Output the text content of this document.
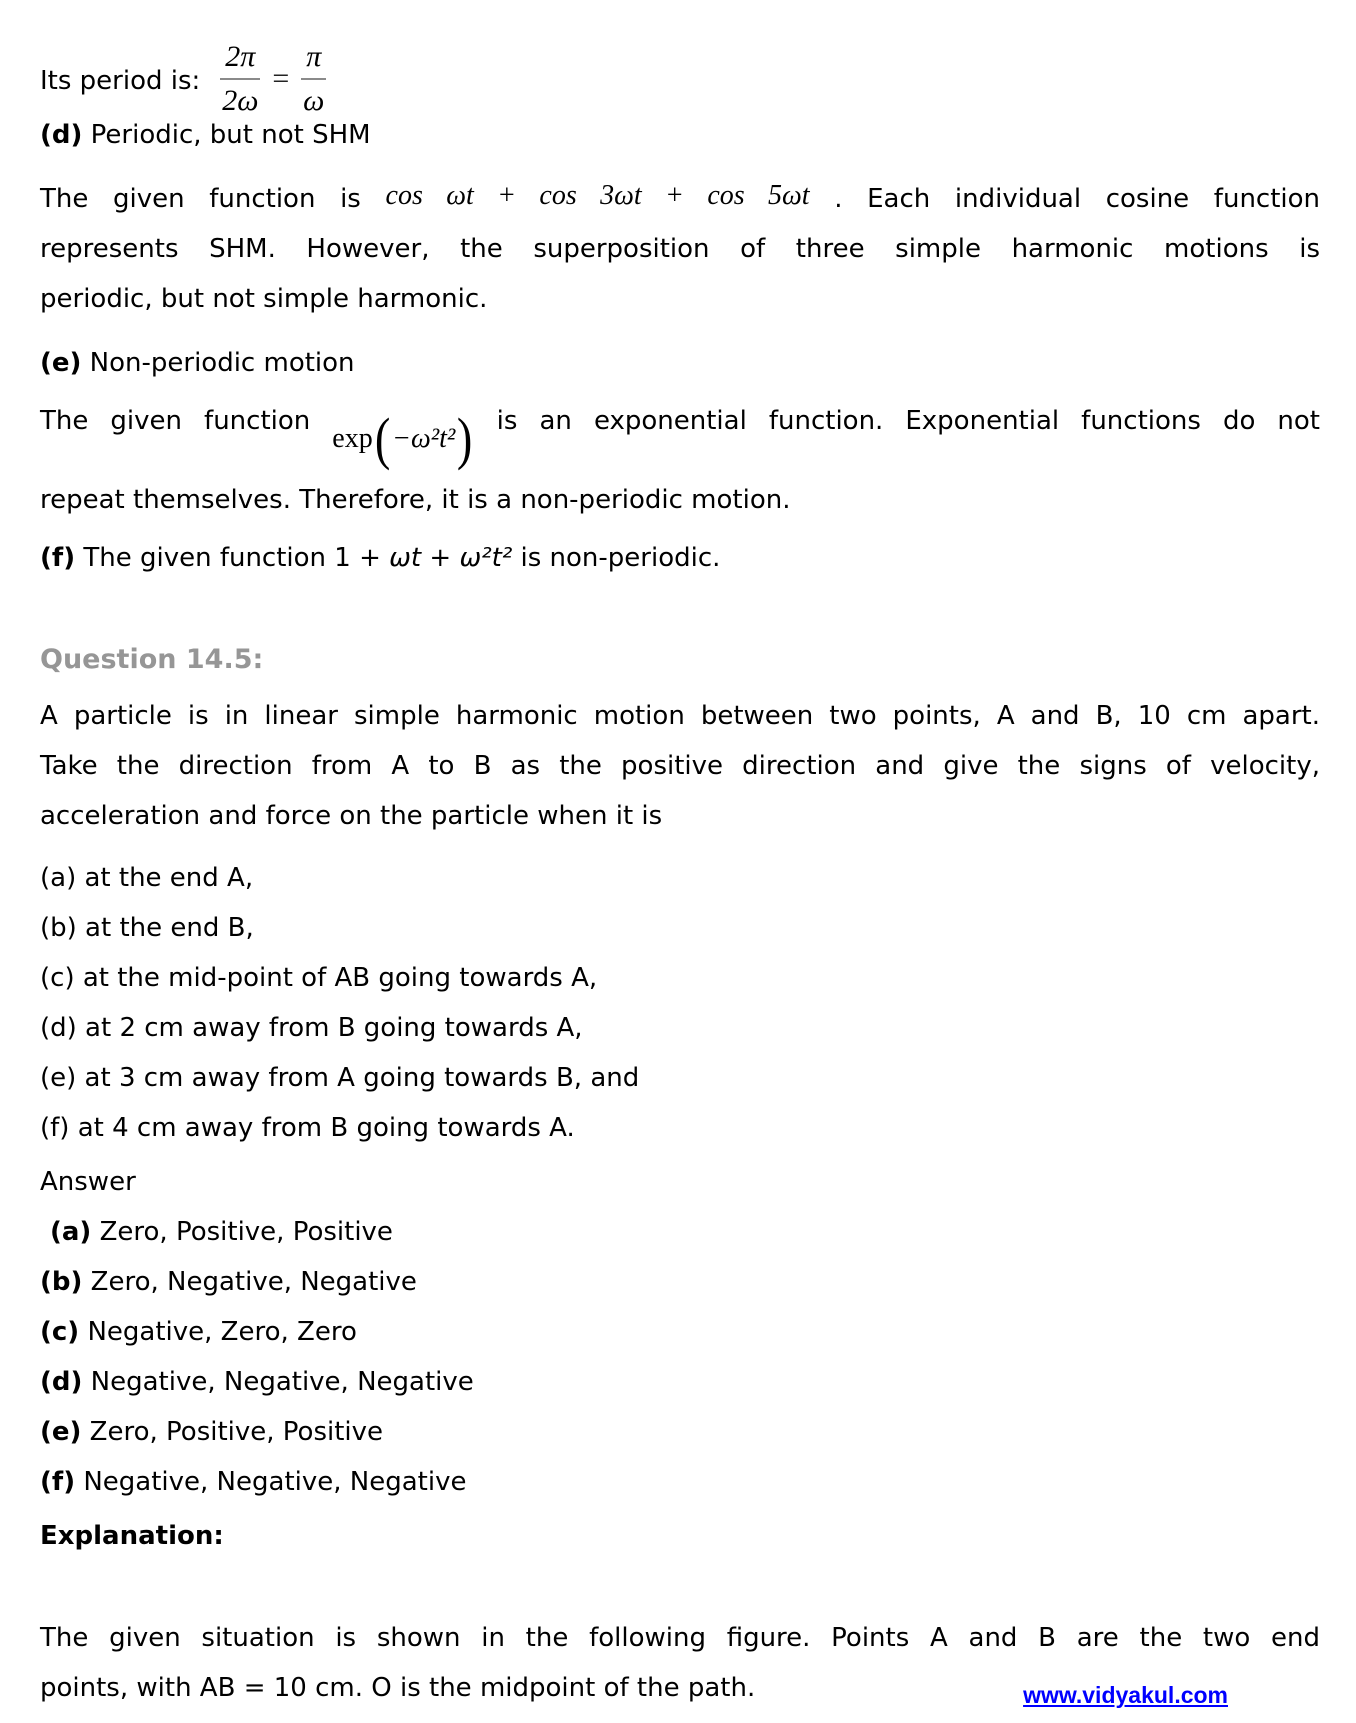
Its period is: $\frac{2\pi}{2\omega} = \frac{\pi}{\omega}$

(d) Periodic, but not SHM

The given function is cos ωt + cos 3ωt + cos 5ωt . Each individual cosine function
represents SHM. However, the superposition of three simple harmonic motions is
periodic, but not simple harmonic.

(e) Non-periodic motion

The given function
exp ( −ω²t² ) is an exponential function. Exponential functions do not
repeat themselves. Therefore, it is a non-periodic motion.

(f) The given function 1 + ωt + ω²t² is non-periodic.

Question 14.5:
A particle is in linear simple harmonic motion between two points, A and B, 10 cm apart.
Take the direction from A to B as the positive direction and give the signs of velocity,
acceleration and force on the particle when it is

(a) at the end A,

(b) at the end B,

(c) at the mid-point of AB going towards A,

(d) at 2 cm away from B going towards A,

(e) at 3 cm away from A going towards B, and

(f) at 4 cm away from B going towards A.

Answer

(a) Zero, Positive, Positive

(b) Zero, Negative, Negative

(c) Negative, Zero, Zero

(d) Negative, Negative, Negative

(e) Zero, Positive, Positive

(f) Negative, Negative, Negative

Explanation:

The given situation is shown in the following figure. Points A and B are the two end
points, with AB = 10 cm. O is the midpoint of the path.	www.vidyakul.com
